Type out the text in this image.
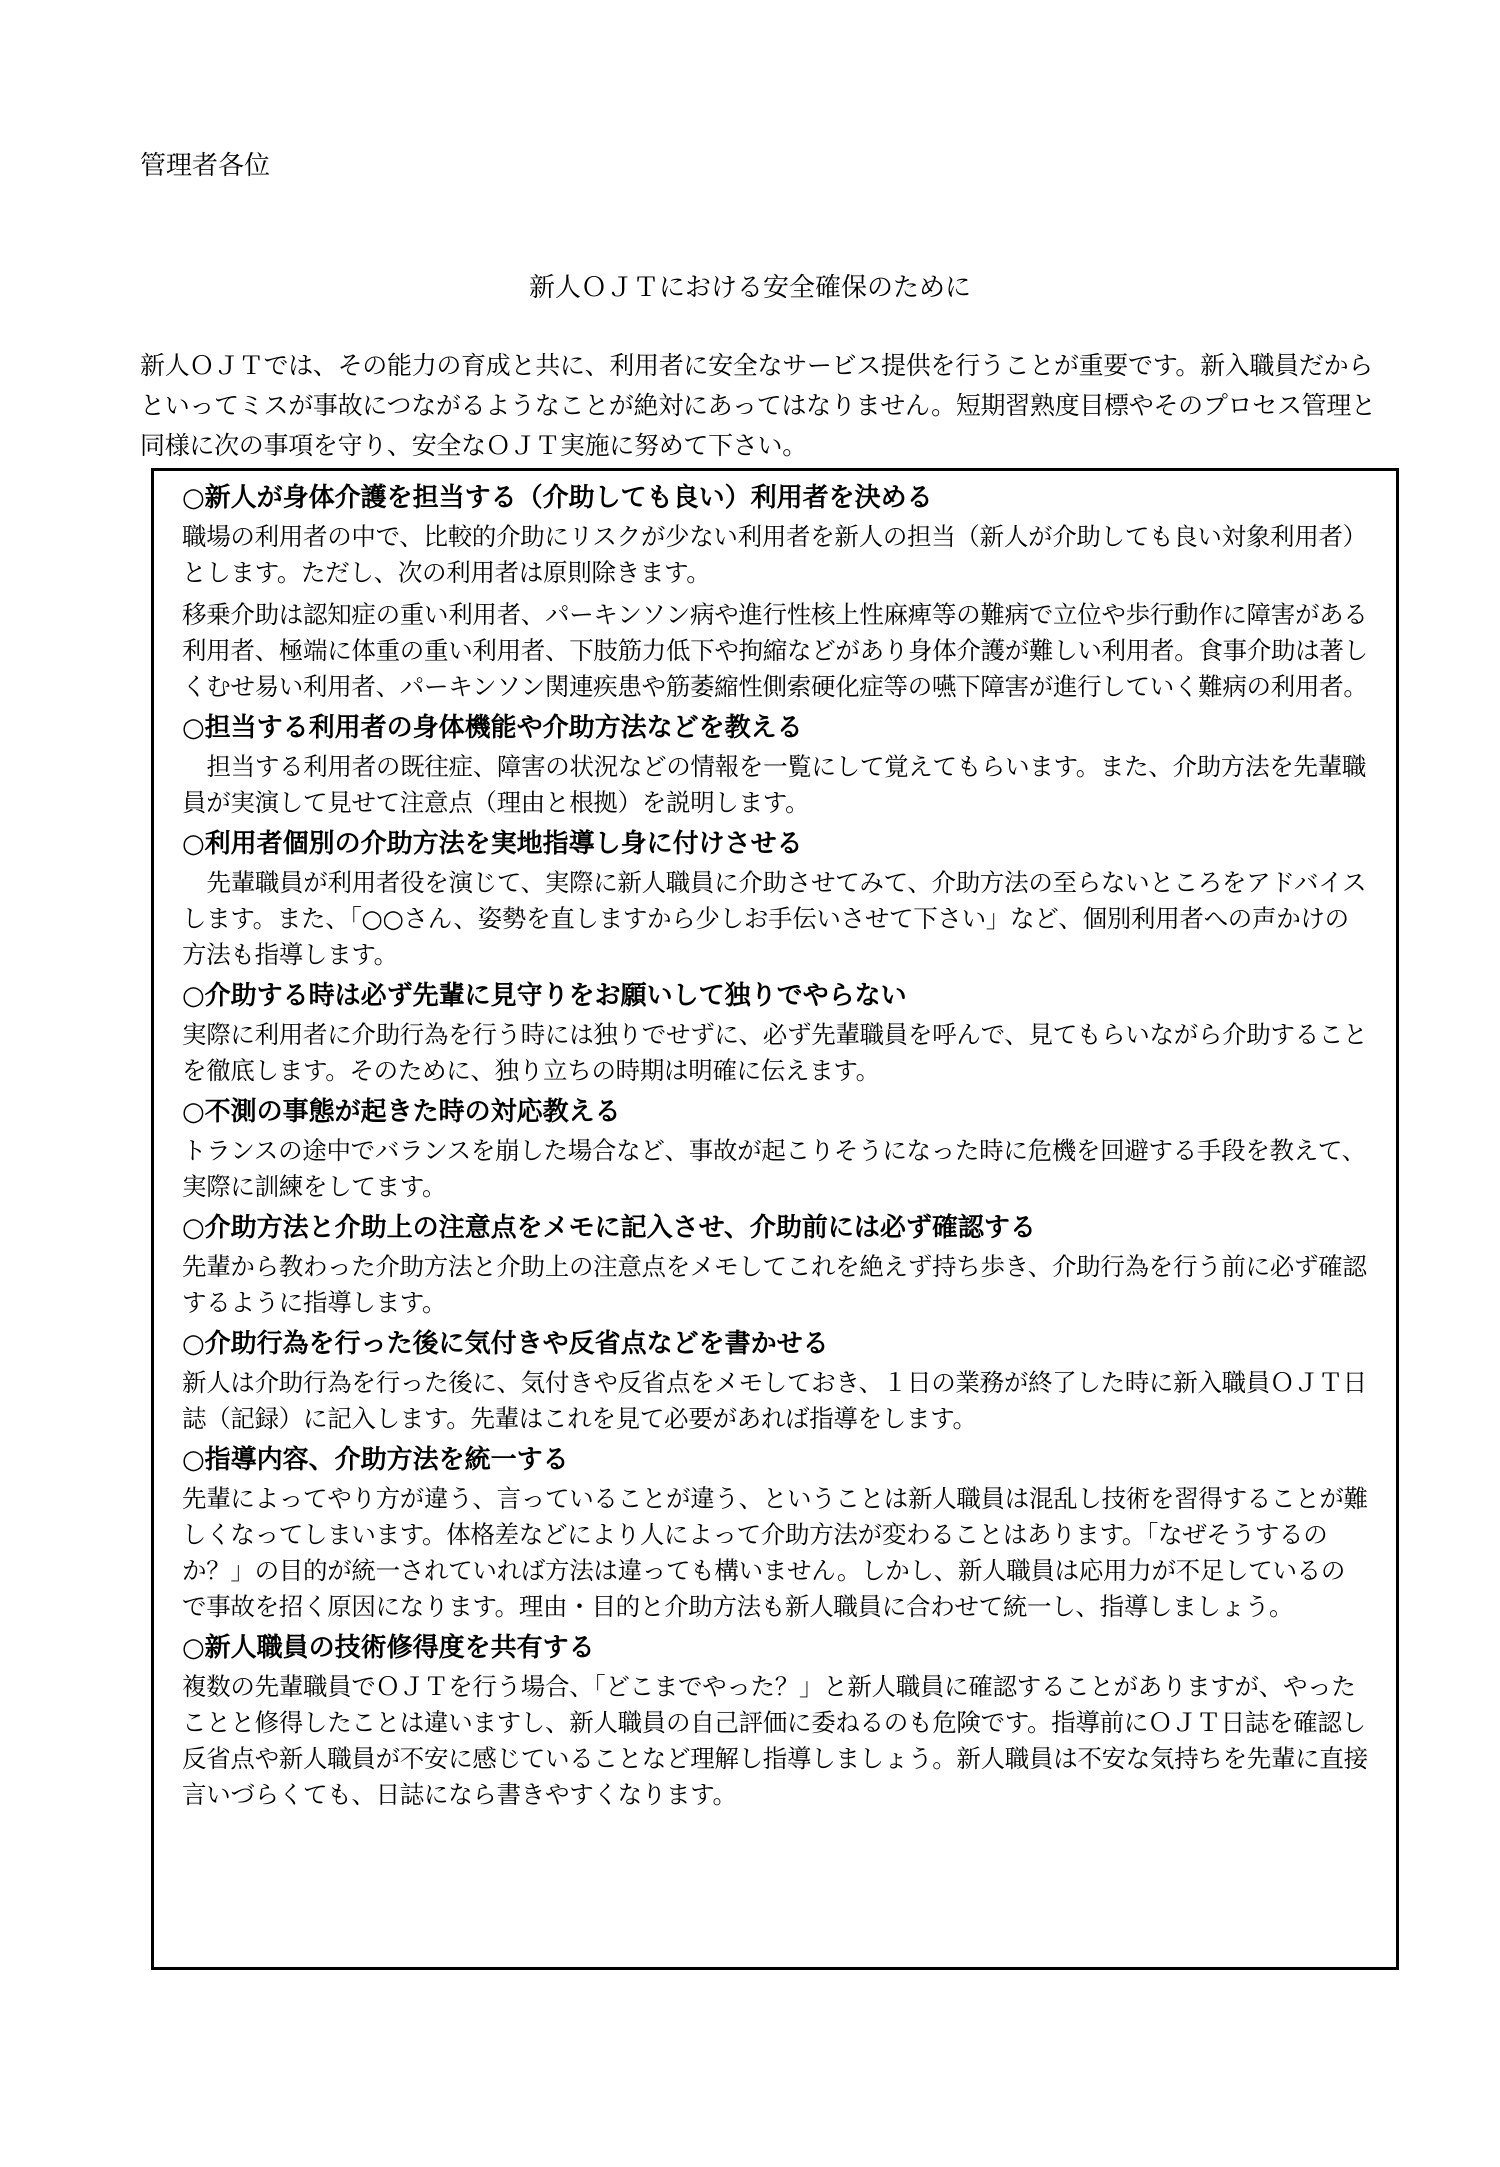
管理者各位
新人ＯＪＴにおける安全確保のために
新人ＯＪＴでは、その能力の育成と共に、利用者に安全なサービス提供を行うことが重要です。新入職員だからといってミスが事故につながるようなことが絶対にあってはなりません。短期習熟度目標やそのプロセス管理と同様に次の事項を守り、安全なＯＪＴ実施に努めて下さい。

○新人が身体介護を担当する（介助しても良い）利用者を決める

職場の利用者の中で、比較的介助にリスクが少ない利用者を新人の担当（新人が介助しても良い対象利用者）とします。ただし、次の利用者は原則除きます。

移乗介助は認知症の重い利用者、パーキンソン病や進行性核上性麻痺等の難病で立位や歩行動作に障害がある利用者、極端に体重の重い利用者、下肢筋力低下や拘縮などがあり身体介護が難しい利用者。食事介助は著しくむせ易い利用者、パーキンソン関連疾患や筋萎縮性側索硬化症等の嚥下障害が進行していく難病の利用者。

○担当する利用者の身体機能や介助方法などを教える

担当する利用者の既往症、障害の状況などの情報を一覧にして覚えてもらいます。また、介助方法を先輩職員が実演して見せて注意点（理由と根拠）を説明します。

○利用者個別の介助方法を実地指導し身に付けさせる

先輩職員が利用者役を演じて、実際に新人職員に介助させてみて、介助方法の至らないところをアドバイスします。また、「○○さん、姿勢を直しますから少しお手伝いさせて下さい」など、個別利用者への声かけの方法も指導します。

○介助する時は必ず先輩に見守りをお願いして独りでやらない

実際に利用者に介助行為を行う時には独りでせずに、必ず先輩職員を呼んで、見てもらいながら介助することを徹底します。そのために、独り立ちの時期は明確に伝えます。

○不測の事態が起きた時の対応教える

トランスの途中でバランスを崩した場合など、事故が起こりそうになった時に危機を回避する手段を教えて、実際に訓練をしてます。

○介助方法と介助上の注意点をメモに記入させ、介助前には必ず確認する

先輩から教わった介助方法と介助上の注意点をメモしてこれを絶えず持ち歩き、介助行為を行う前に必ず確認するように指導します。

○介助行為を行った後に気付きや反省点などを書かせる

新人は介助行為を行った後に、気付きや反省点をメモしておき、１日の業務が終了した時に新入職員ＯＪＴ日誌（記録）に記入します。先輩はこれを見て必要があれば指導をします。

○指導内容、介助方法を統一する

先輩によってやり方が違う、言っていることが違う、ということは新人職員は混乱し技術を習得することが難しくなってしまいます。体格差などにより人によって介助方法が変わることはあります。「なぜそうするのか？」の目的が統一されていれば方法は違っても構いません。しかし、新人職員は応用力が不足しているので事故を招く原因になります。理由・目的と介助方法も新人職員に合わせて統一し、指導しましょう。

○新人職員の技術修得度を共有する

複数の先輩職員でＯＪＴを行う場合、「どこまでやった？」と新人職員に確認することがありますが、やったことと修得したことは違いますし、新人職員の自己評価に委ねるのも危険です。指導前にＯＪＴ日誌を確認し反省点や新人職員が不安に感じていることなど理解し指導しましょう。新人職員は不安な気持ちを先輩に直接言いづらくても、日誌になら書きやすくなります。
